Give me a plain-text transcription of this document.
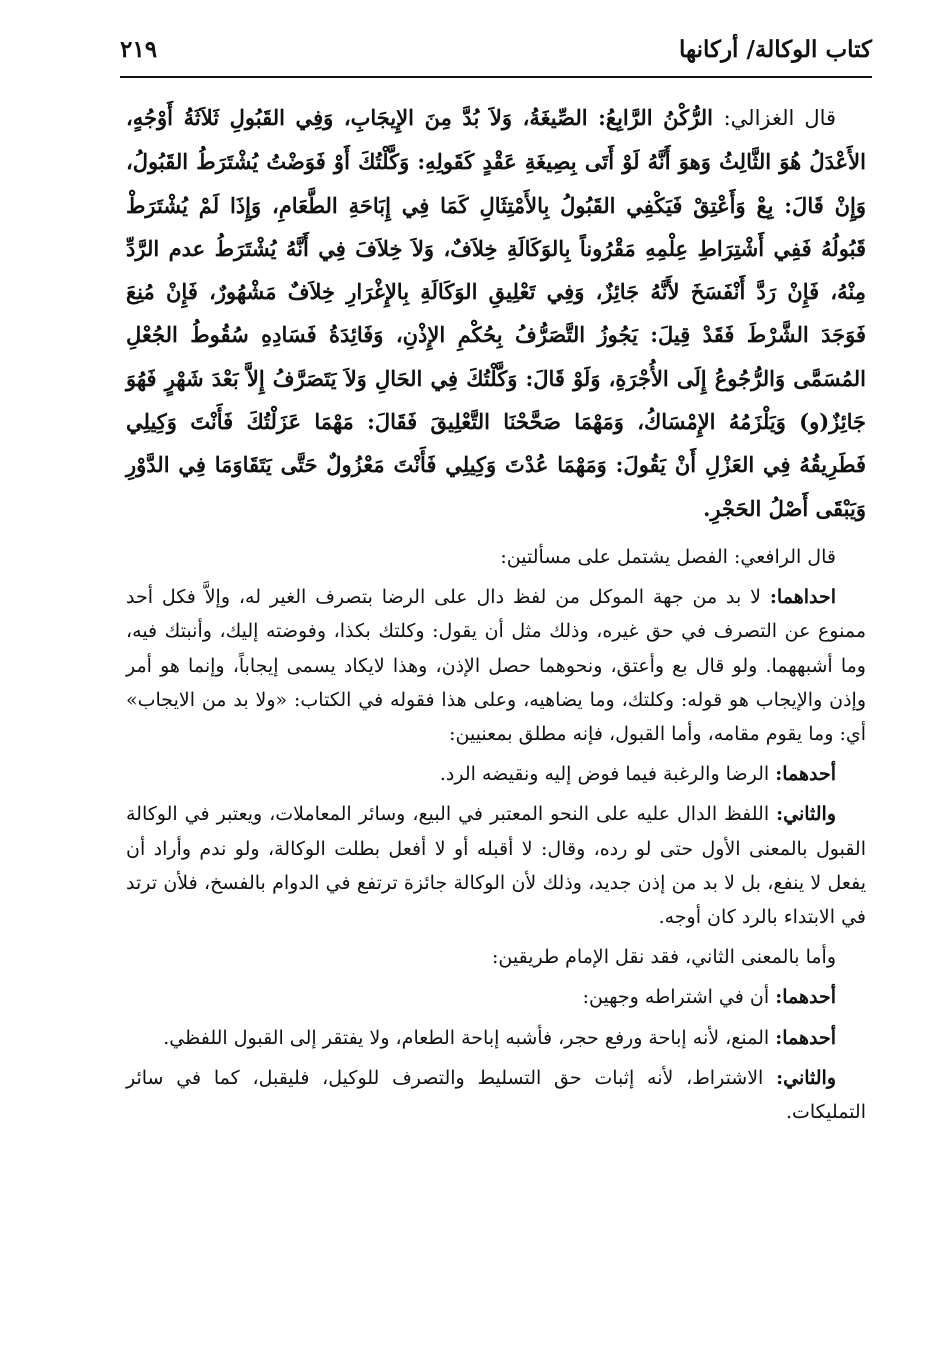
كتاب الوكالة/ أركانها
٢١٩

قال الغزالي: الرُّكْنُ الرَّابِعُ: الصِّيغَةُ، وَلاَ بُدَّ مِنَ الإِيجَابِ، وَفِي القَبُولِ ثَلاَثَةُ أَوْجُهٍ، الأَعْدَلُ هُوَ الثَّالِثُ وَهوَ أَنَّهُ لَوْ أَتَى بِصِيغَةِ عَقْدٍ كَقَولِهِ: وَكَّلْتُكَ أَوْ فَوَضْتُ يُشْتَرَطُ القَبُولُ، وَإِنْ قَالَ: بِعْ وَأَعْتِقْ فَيَكْفِي القَبُولُ بِالأَمْتِثَالِ كَمَا فِي إِبَاحَةِ الطَّعَامِ، وَإِذَا لَمْ يُشْتَرَطْ قَبُولُهُ فَفِي أَشْتِرَاطِ عِلْمِهِ مَقْرُوناً بِالوَكَالَةِ خِلاَفٌ، وَلاَ خِلاَفَ فِي أَنَّهُ يُشْتَرَطُ عدم الرَّدِّ مِنْهُ، فَإِنْ رَدَّ أَنْفَسَخَ لأَنَّهُ جَائِزٌ، وَفِي تَعْلِيقِ الوَكَالَةِ بِالإِغْرَارِ خِلاَفٌ مَشْهُورٌ، فَإِنْ مُنِعَ فَوَجَدَ الشَّرْطَ فَقَدْ قِيلَ: يَجُوزُ التَّصَرُّفُ بِحُكْمِ الإِذْنِ، وَفَائِدَةُ فَسَادِهِ سُقُوطُ الجُعْلِ المُسَمَّى وَالرُّجُوعُ إِلَى الأُجْرَةِ، وَلَوْ قَالَ: وَكَّلْتُكَ فِي الحَالِ وَلاَ يَتَصَرَّفُ إِلاَّ بَعْدَ شَهْرٍ فَهُوَ جَائِزٌ(و) وَيَلْزَمُهُ الإِمْسَاكُ، وَمَهْمَا صَحَّحْنَا التَّعْلِيقَ فَقَالَ: مَهْمَا عَزَلْتُكَ فَأَنْتَ وَكِيلِي فَطَرِيقُهُ فِي العَزْلِ أَنْ يَقُولَ: وَمَهْمَا عُدْتَ وَكِيلِي فَأَنْتَ مَعْزُولٌ حَتَّى يَتَقَاوَمَا فِي الدَّوْرِ وَيَبْقَى أَصْلُ الحَجْرِ.

قال الرافعي: الفصل يشتمل على مسألتين:

احداهما: لا بد من جهة الموكل من لفظ دال على الرضا بتصرف الغير له، وإلاَّ فكل أحد ممنوع عن التصرف في حق غيره، وذلك مثل أن يقول: وكلتك بكذا، وفوضته إليك، وأنبتك فيه، وما أشبههما. ولو قال بع وأعتق، ونحوهما حصل الإذن، وهذا لايكاد يسمى إيجاباً، وإنما هو أمر وإذن والإيجاب هو قوله: وكلتك، وما يضاهيه، وعلى هذا فقوله في الكتاب: «ولا بد من الايجاب» أي: وما يقوم مقامه، وأما القبول، فإنه مطلق بمعنيين:

أحدهما: الرضا والرغبة فيما فوض إليه ونقيضه الرد.

والثاني: اللفظ الدال عليه على النحو المعتبر في البيع، وسائر المعاملات، ويعتبر في الوكالة القبول بالمعنى الأول حتى لو رده، وقال: لا أقبله أو لا أفعل بطلت الوكالة، ولو ندم وأراد أن يفعل لا ينفع، بل لا بد من إذن جديد، وذلك لأن الوكالة جائزة ترتفع في الدوام بالفسخ، فلأن ترتد في الابتداء بالرد كان أوجه.

وأما بالمعنى الثاني، فقد نقل الإمام طريقين:

أحدهما: أن في اشتراطه وجهين:

أحدهما: المنع، لأنه إباحة ورفع حجر، فأشبه إباحة الطعام، ولا يفتقر إلى القبول اللفظي.

والثاني: الاشتراط، لأنه إثبات حق التسليط والتصرف للوكيل، فليقبل، كما في سائر التمليكات.
